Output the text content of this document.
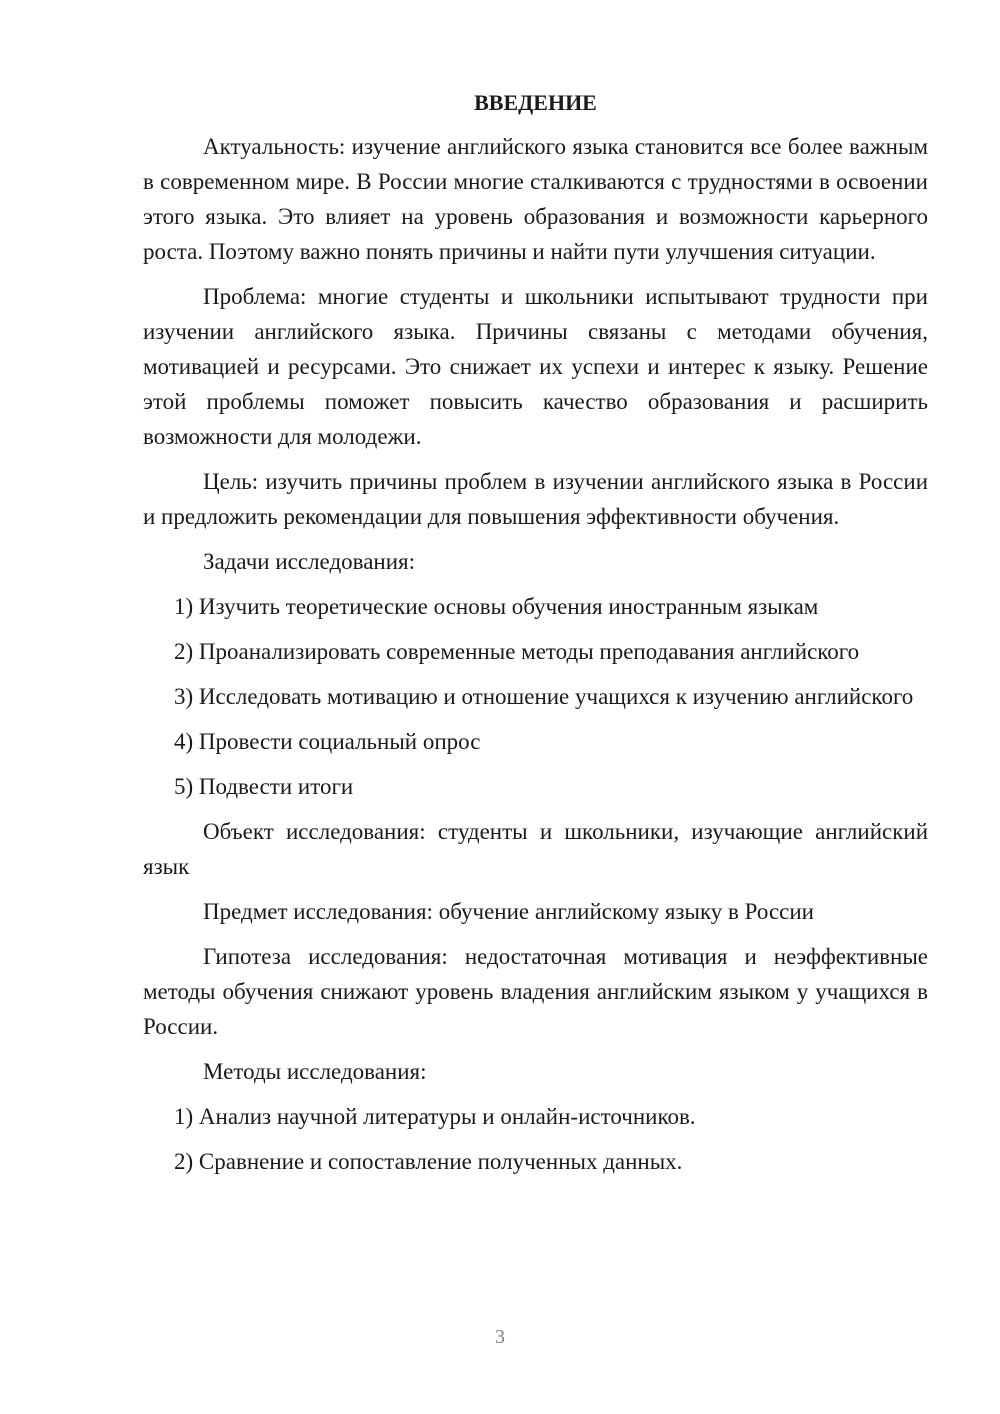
ВВЕДЕНИЕ

Актуальность: изучение английского языка становится все более важным в современном мире. В России многие сталкиваются с трудностями в освоении этого языка. Это влияет на уровень образования и возможности карьерного роста. Поэтому важно понять причины и найти пути улучшения ситуации.

Проблема: многие студенты и школьники испытывают трудности при изучении английского языка. Причины связаны с методами обучения, мотивацией и ресурсами. Это снижает их успехи и интерес к языку. Решение этой проблемы поможет повысить качество образования и расширить возможности для молодежи.

Цель: изучить причины проблем в изучении английского языка в России и предложить рекомендации для повышения эффективности обучения.

Задачи исследования:

1) Изучить теоретические основы обучения иностранным языкам

2) Проанализировать современные методы преподавания английского

3) Исследовать мотивацию и отношение учащихся к изучению английского

4) Провести социальный опрос

5) Подвести итоги

Объект исследования: студенты и школьники, изучающие английский язык

Предмет исследования: обучение английскому языку в России

Гипотеза исследования: недостаточная мотивация и неэффективные методы обучения снижают уровень владения английским языком у учащихся в России.

Методы исследования:

1) Анализ научной литературы и онлайн-источников.

2) Сравнение и сопоставление полученных данных.

3
